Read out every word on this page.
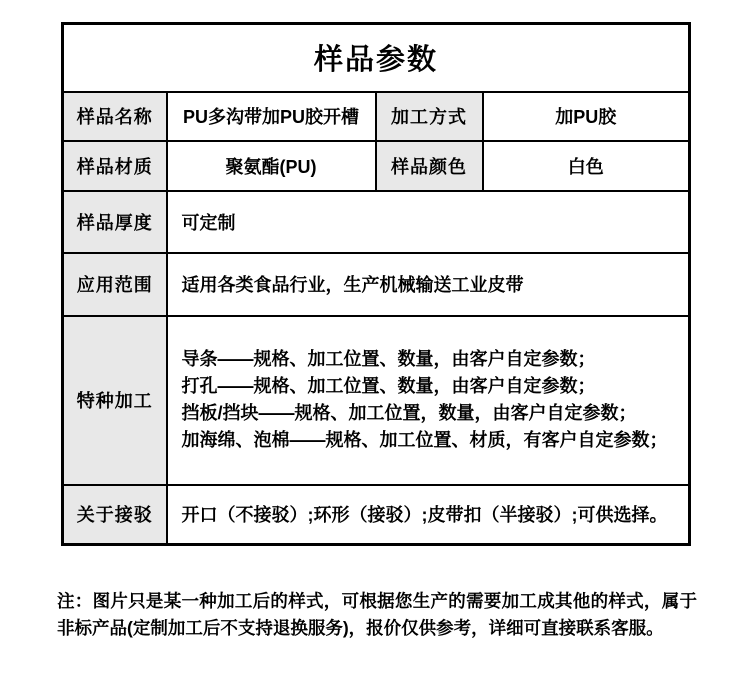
样品参数			
样品名称	PU多沟带加PU胶开槽	加工方式	加PU胶
样品材质	聚氨酯(PU)	样品颜色	白色
样品厚度	可定制		
应用范围	适用各类食品行业，生产机械输送工业皮带		
特种加工	导条——规格、加工位置、数量，由客户自定参数；
打孔——规格、加工位置、数量，由客户自定参数；
挡板/挡块——规格、加工位置，数量，由客户自定参数；
加海绵、泡棉——规格、加工位置、材质，有客户自定参数；		

关于接驳	开口（不接驳）;环形（接驳）;皮带扣（半接驳）;可供选择。		
注：图片只是某一种加工后的样式，可根据您生产的需要加工成其他的样式，属于非标产品(定制加工后不支持退换服务)，报价仅供参考，详细可直接联系客服。
